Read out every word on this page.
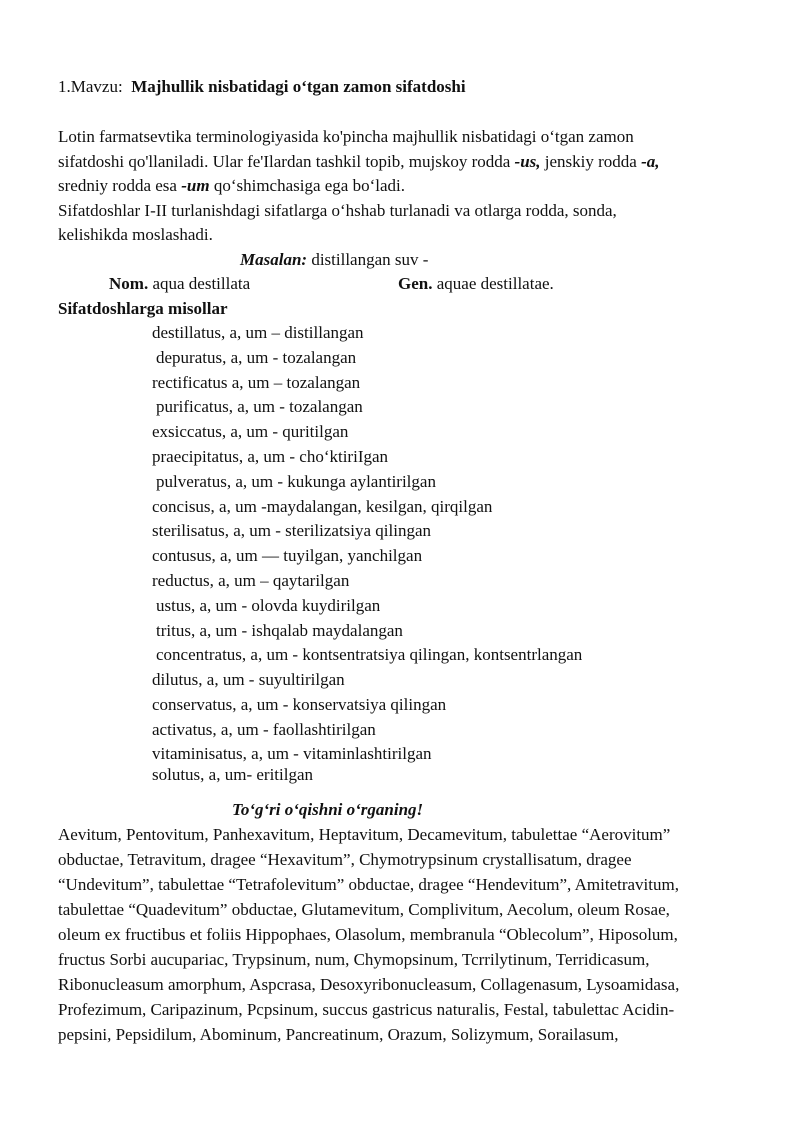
1.Mavzu: Majhullik nisbatidagi o‘tgan zamon sifatdoshi

Lotin farmatsevtika terminologiyasida ko'pincha majhullik nisbatidagi o‘tgan zamon
sifatdoshi qo'llaniladi. Ular fe'Ilardan tashkil topib, mujskoy rodda -us, jenskiy rodda -a,
sredniy rodda esa -um qo‘shimchasiga ega bo‘ladi.
Sifatdoshlar I-II turlanishdagi sifatlarga o‘hshab turlanadi va otlarga rodda, sonda,
kelishikda moslashadi.
Masalan: distillangan suv -
Nom. aqua destillata	Gen. aquae destillatae.
Sifatdoshlarga misollar
destillatus, a, um – distillangan
depuratus, a, um - tozalangan
rectificatus a, um – tozalangan
purificatus, a, um - tozalangan
exsiccatus, a, um - quritilgan
praecipitatus, a, um - cho‘ktiriIgan
pulveratus, a, um - kukunga aylantirilgan
concisus, a, um -maydalangan, kesilgan, qirqilgan
sterilisatus, a, um - sterilizatsiya qilingan
contusus, a, um — tuyilgan, yanchilgan
reductus, a, um – qaytarilgan
ustus, a, um - olovda kuydirilgan
tritus, a, um - ishqalab maydalangan
concentratus, a, um - kontsentratsiya qilingan, kontsentrlangan
dilutus, a, um - suyultirilgan
conservatus, a, um - konservatsiya qilingan
activatus, a, um - faollashtirilgan
vitaminisatus, a, um - vitaminlashtirilgan
solutus, a, um- eritilgan
To‘g‘ri o‘qishni o‘rganing!
Aevitum, Pentovitum, Panhexavitum, Heptavitum, Decamevitum, tabulettae “Aerovitum”
obductae, Tetravitum, dragee “Hexavitum”, Chymotrypsinum crystallisatum, dragee
“Undevitum”, tabulettae “Tetrafolevitum” obductae, dragee “Hendevitum”, Amitetravitum,
tabulettae “Quadevitum” obductae, Glutamevitum, Complivitum, Aecolum, oleum Rosae,
oleum ex fructibus et foliis Hippophaes, Olasolum, membranula “Oblecolum”, Hiposolum,
fructus Sorbi aucupariac, Trypsinum, num, Chymopsinum, Tcrrilytinum, Terridicasum,
Ribonucleasum amorphum, Aspcrasa, Desoxyribonucleasum, Collagenasum, Lysoamidasa,
Profezimum, Caripazinum, Pcpsinum, succus gastricus naturalis, Festal, tabulettac Acidin-
pepsini, Pepsidilum, Abominum, Pancreatinum, Orazum, Solizymum, Sorailasum,
